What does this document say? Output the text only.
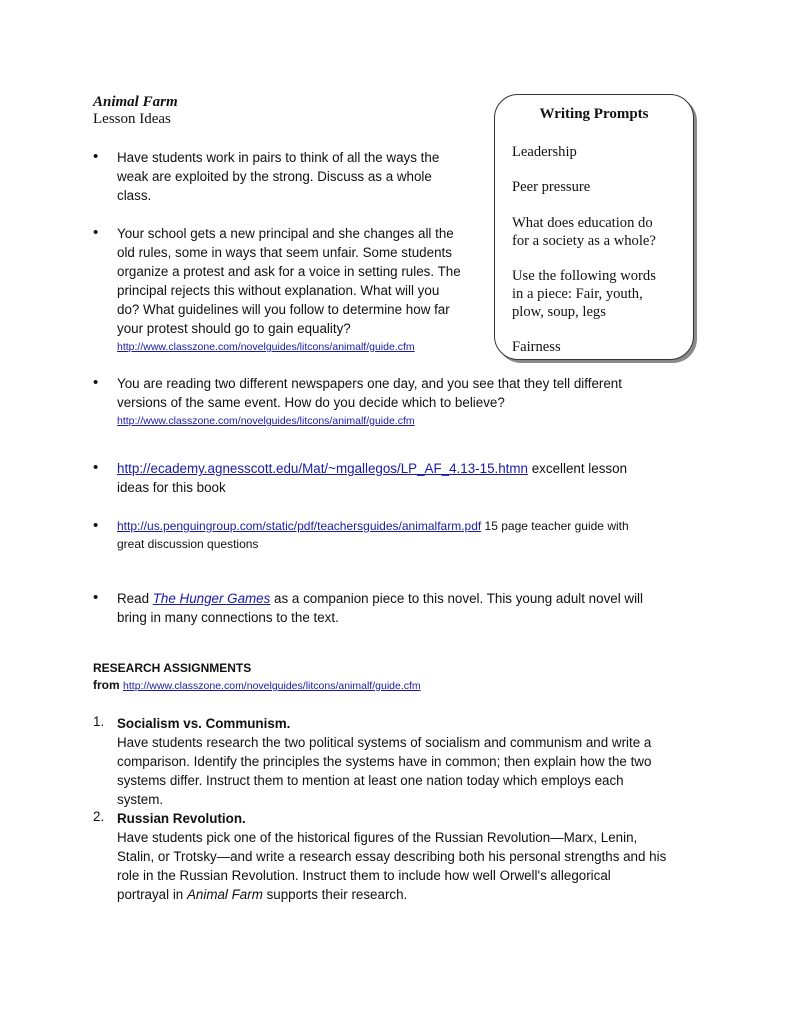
Animal Farm
Lesson Ideas
• Have students work in pairs to think of all the ways the weak are exploited by the strong. Discuss as a whole class.
• Your school gets a new principal and she changes all the
old rules, some in ways that seem unfair. Some students
organize a protest and ask for a voice in setting rules. The
principal rejects this without explanation. What will you
do? What guidelines will you follow to determine how far
your protest should go to gain equality?
http://www.classzone.com/novelguides/litcons/animalf/guide.cfm
Writing Prompts
Leadership
Peer pressure
What does education do
for a society as a whole?
Use the following words
in a piece: Fair, youth,
plow, soup, legs
Fairness
• You are reading two different newspapers one day, and you see that they tell different
versions of the same event. How do you decide which to believe?
http://www.classzone.com/novelguides/litcons/animalf/guide.cfm
• http://ecademy.agnesscott.edu/Mat/~mgallegos/LP_AF_4.13-15.htmn excellent lesson
ideas for this book
• http://us.penguingroup.com/static/pdf/teachersguides/animalfarm.pdf 15 page teacher guide with
great discussion questions
• Read The Hunger Games as a companion piece to this novel. This young adult novel will
bring in many connections to the text.
RESEARCH ASSIGNMENTS
from http://www.classzone.com/novelguides/litcons/animalf/guide.cfm
1. Socialism vs. Communism.
Have students research the two political systems of socialism and communism and write a
comparison. Identify the principles the systems have in common; then explain how the two
systems differ. Instruct them to mention at least one nation today which employs each
system.
2. Russian Revolution.
Have students pick one of the historical figures of the Russian Revolution—Marx, Lenin,
Stalin, or Trotsky—and write a research essay describing both his personal strengths and his
role in the Russian Revolution. Instruct them to include how well Orwell's allegorical
portrayal in Animal Farm supports their research.
